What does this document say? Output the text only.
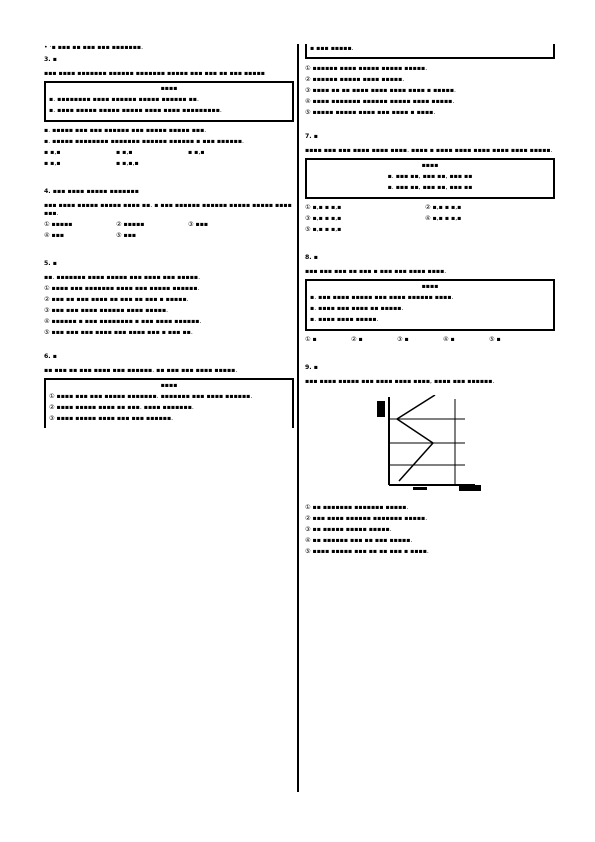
• ·▪ ▪▪▪ ▪▪ ▪▪▪ ▪▪▪ ▪▪▪▪▪▪▪.

3. ▪

▪▪▪ ▪▪▪▪ ▪▪▪▪▪▪▪ ▪▪▪▪▪▪ ▪▪▪▪▪▪▪ ▪▪▪▪▪ ▪▪▪ ▪▪▪ ▪▪ ▪▪▪ ▪▪▪▪▪

▪▪▪▪

▪. ▪▪▪▪▪▪▪▪ ▪▪▪▪ ▪▪▪▪▪▪ ▪▪▪▪▪ ▪▪▪▪▪▪ ▪▪.

▪. ▪▪▪▪ ▪▪▪▪▪ ▪▪▪▪▪ ▪▪▪▪▪ ▪▪▪▪ ▪▪▪▪ ▪▪▪▪▪▪▪▪▪.

▪. ▪▪▪▪▪ ▪▪▪ ▪▪▪ ▪▪▪▪▪▪ ▪▪▪ ▪▪▪▪▪ ▪▪▪▪▪ ▪▪▪.

▪. ▪▪▪▪▪ ▪▪▪▪▪▪▪▪ ▪▪▪▪▪▪▪ ▪▪▪▪▪▪ ▪▪▪▪▪▪ ▪ ▪▪▪ ▪▪▪▪▪▪.

▪ ▪,▪	▪ ▪,▪	▪ ▪,▪
▪ ▪,▪	▪ ▪,▪,▪

4. ▪▪▪ ▪▪▪▪ ▪▪▪▪▪ ▪▪▪▪▪▪▪

▪▪▪ ▪▪▪▪ ▪▪▪▪▪ ▪▪▪▪▪ ▪▪▪▪ ▪▪. ▪ ▪▪▪ ▪▪▪▪▪▪ ▪▪▪▪▪▪ ▪▪▪▪▪ ▪▪▪▪▪ ▪▪▪▪▪▪▪.

① ▪▪▪▪▪	② ▪▪▪▪▪	③ ▪▪▪
④ ▪▪▪	⑤ ▪▪▪

5. ▪

▪▪. ▪▪▪▪▪▪▪ ▪▪▪▪ ▪▪▪▪▪ ▪▪▪ ▪▪▪▪ ▪▪▪ ▪▪▪▪▪.

① ▪▪▪▪ ▪▪▪ ▪▪▪▪▪▪▪ ▪▪▪▪ ▪▪▪ ▪▪▪▪▪ ▪▪▪▪▪▪.

② ▪▪▪ ▪▪ ▪▪▪ ▪▪▪▪ ▪▪ ▪▪▪ ▪▪ ▪▪▪ ▪ ▪▪▪▪▪.

③ ▪▪▪ ▪▪▪ ▪▪▪▪ ▪▪▪▪▪▪ ▪▪▪▪ ▪▪▪▪▪.

④ ▪▪▪▪▪▪ ▪ ▪▪▪ ▪▪▪▪▪▪▪▪ ▪ ▪▪▪ ▪▪▪▪ ▪▪▪▪▪▪.

⑤ ▪▪▪ ▪▪▪ ▪▪▪ ▪▪▪▪ ▪▪▪ ▪▪▪▪ ▪▪▪ ▪ ▪▪▪ ▪▪.

6. ▪

▪▪ ▪▪▪ ▪▪ ▪▪▪ ▪▪▪▪ ▪▪▪ ▪▪▪▪▪▪. ▪▪ ▪▪▪ ▪▪▪ ▪▪▪▪ ▪▪▪▪▪.

▪▪▪▪

① ▪▪▪▪ ▪▪▪ ▪▪▪ ▪▪▪▪▪ ▪▪▪▪▪▪▪. ▪▪▪▪▪▪▪ ▪▪▪ ▪▪▪▪ ▪▪▪▪▪▪.

② ▪▪▪▪ ▪▪▪▪▪ ▪▪▪▪ ▪▪ ▪▪▪. ▪▪▪▪ ▪▪▪▪▪▪▪.

③ ▪▪▪▪ ▪▪▪▪▪ ▪▪▪▪ ▪▪▪ ▪▪▪ ▪▪▪▪▪▪.

▪ ▪▪▪ ▪▪▪▪▪.

① ▪▪▪▪▪▪ ▪▪▪▪ ▪▪▪▪▪ ▪▪▪▪▪ ▪▪▪▪▪.

② ▪▪▪▪▪▪ ▪▪▪▪▪ ▪▪▪▪ ▪▪▪▪▪.

③ ▪▪▪▪ ▪▪ ▪▪ ▪▪▪▪ ▪▪▪▪ ▪▪▪▪ ▪▪▪▪ ▪ ▪▪▪▪▪.

④ ▪▪▪▪ ▪▪▪▪▪▪▪ ▪▪▪▪▪▪ ▪▪▪▪▪ ▪▪▪▪ ▪▪▪▪▪.

⑤ ▪▪▪▪▪ ▪▪▪▪▪ ▪▪▪▪ ▪▪▪ ▪▪▪▪ ▪ ▪▪▪▪.

7. ▪

▪▪▪▪ ▪▪▪ ▪▪▪ ▪▪▪▪ ▪▪▪▪ ▪▪▪▪. ▪▪▪▪ ▪ ▪▪▪▪ ▪▪▪▪ ▪▪▪▪ ▪▪▪▪ ▪▪▪▪ ▪▪▪▪▪.

▪▪▪▪

▪. ▪▪▪ ▪▪, ▪▪▪ ▪▪, ▪▪▪ ▪▪

▪. ▪▪▪ ▪▪, ▪▪▪ ▪▪, ▪▪▪ ▪▪

① ▪,▪ ▪ ▪,▪	② ▪,▪ ▪ ▪,▪
③ ▪,▪ ▪ ▪,▪	④ ▪,▪ ▪ ▪,▪
⑤ ▪,▪ ▪ ▪,▪

8. ▪

▪▪▪ ▪▪▪ ▪▪▪ ▪▪ ▪▪▪ ▪ ▪▪▪ ▪▪▪ ▪▪▪▪ ▪▪▪▪.

▪▪▪▪

▪. ▪▪▪ ▪▪▪▪ ▪▪▪▪▪ ▪▪▪ ▪▪▪▪ ▪▪▪▪▪▪ ▪▪▪▪.

▪. ▪▪▪▪ ▪▪▪ ▪▪▪▪ ▪▪ ▪▪▪▪▪.

▪. ▪▪▪▪ ▪▪▪▪ ▪▪▪▪▪.

① ▪	② ▪	③ ▪	④ ▪	⑤ ▪

9. ▪

▪▪▪ ▪▪▪▪ ▪▪▪▪▪ ▪▪▪ ▪▪▪▪ ▪▪▪▪ ▪▪▪▪, ▪▪▪▪ ▪▪▪ ▪▪▪▪▪▪.

① ▪▪ ▪▪▪▪▪▪▪ ▪▪▪▪▪▪▪ ▪▪▪▪▪.

② ▪▪▪ ▪▪▪▪ ▪▪▪▪▪▪ ▪▪▪▪▪▪▪ ▪▪▪▪▪.

③ ▪▪ ▪▪▪▪▪ ▪▪▪▪▪ ▪▪▪▪▪.

④ ▪▪ ▪▪▪▪▪▪ ▪▪▪ ▪▪ ▪▪▪ ▪▪▪▪▪.

⑤ ▪▪▪▪ ▪▪▪▪▪ ▪▪▪ ▪▪ ▪▪ ▪▪▪ ▪ ▪▪▪▪.
